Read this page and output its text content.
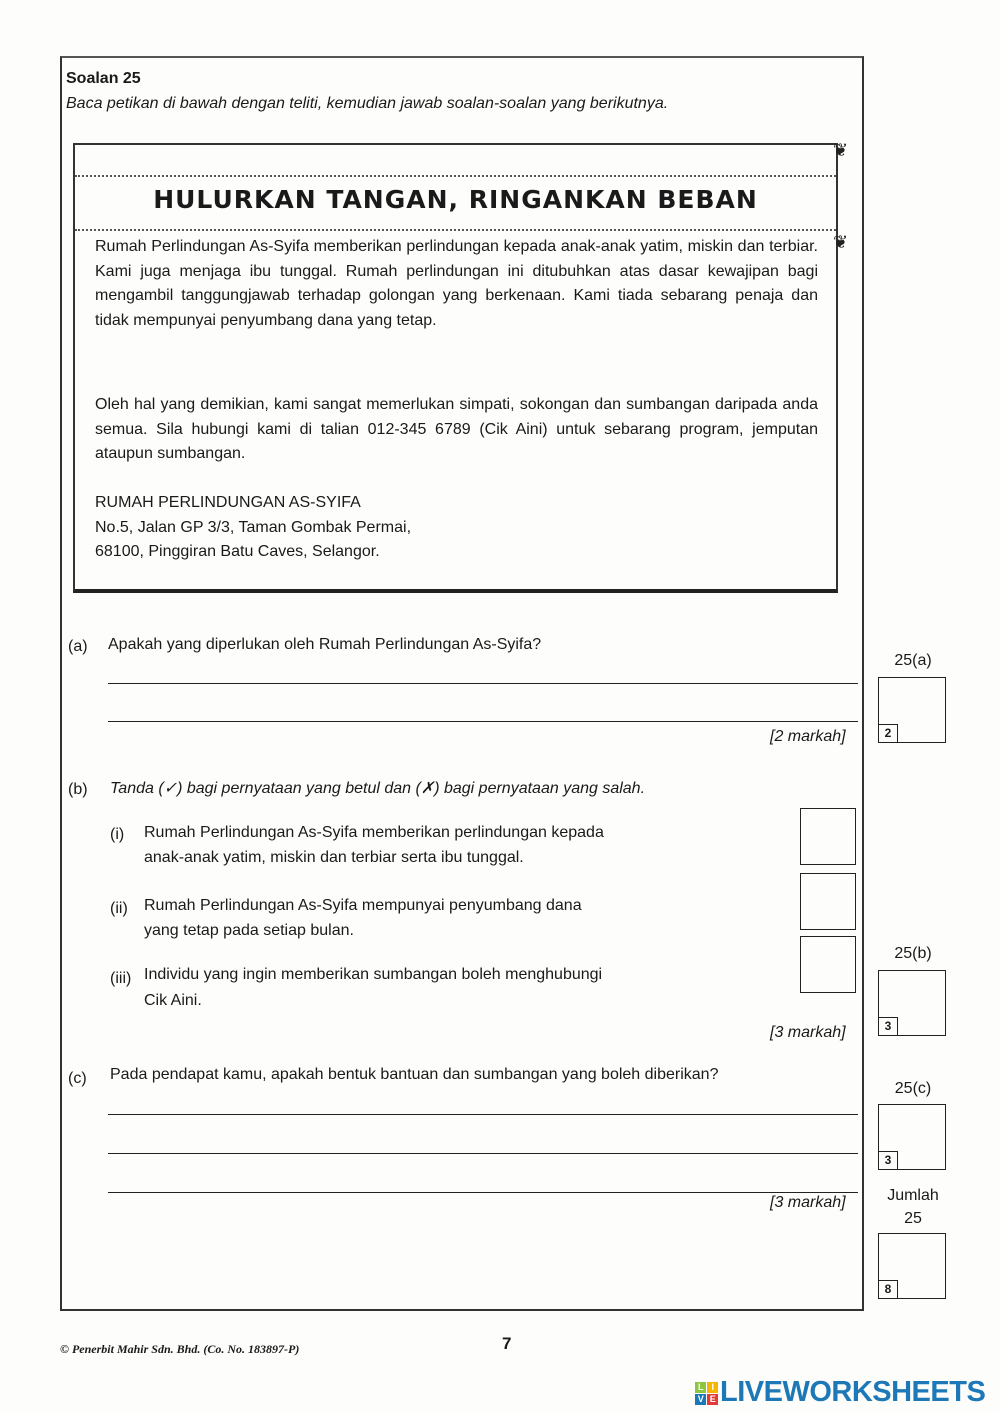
Soalan 25
Baca petikan di bawah dengan teliti, kemudian jawab soalan-soalan yang berikutnya.
HULURKAN TANGAN, RINGANKAN BEBAN
Rumah Perlindungan As-Syifa memberikan perlindungan kepada anak-anak yatim, miskin dan terbiar. Kami juga menjaga ibu tunggal. Rumah perlindungan ini ditubuhkan atas dasar kewajipan bagi mengambil tanggungjawab terhadap golongan yang berkenaan. Kami tiada sebarang penaja dan tidak mempunyai penyumbang dana yang tetap.
Oleh hal yang demikian, kami sangat memerlukan simpati, sokongan dan sumbangan daripada anda semua. Sila hubungi kami di talian 012-345 6789 (Cik Aini) untuk sebarang program, jemputan ataupun sumbangan.
RUMAH PERLINDUNGAN AS-SYIFA
No.5, Jalan GP 3/3, Taman Gombak Permai,
68100, Pinggiran Batu Caves, Selangor.
❦
❦
(a) Apakah yang diperlukan oleh Rumah Perlindungan As-Syifa?
[2 markah]
(b) Tanda (✓) bagi pernyataan yang betul dan (✗) bagi pernyataan yang salah.
(i) Rumah Perlindungan As-Syifa memberikan perlindungan kepada
anak-anak yatim, miskin dan terbiar serta ibu tunggal.
(ii) Rumah Perlindungan As-Syifa mempunyai penyumbang dana
yang tetap pada setiap bulan.
(iii) Individu yang ingin memberikan sumbangan boleh menghubungi
Cik Aini.
[3 markah]
(c) Pada pendapat kamu, apakah bentuk bantuan dan sumbangan yang boleh diberikan?
[3 markah]
25(a)
2
25(b)
3
25(c)
3
Jumlah
25
8
© Penerbit Mahir Sdn. Bhd. (Co. No. 183897-P)	7
L I
V E LIVEWORKSHEETS
